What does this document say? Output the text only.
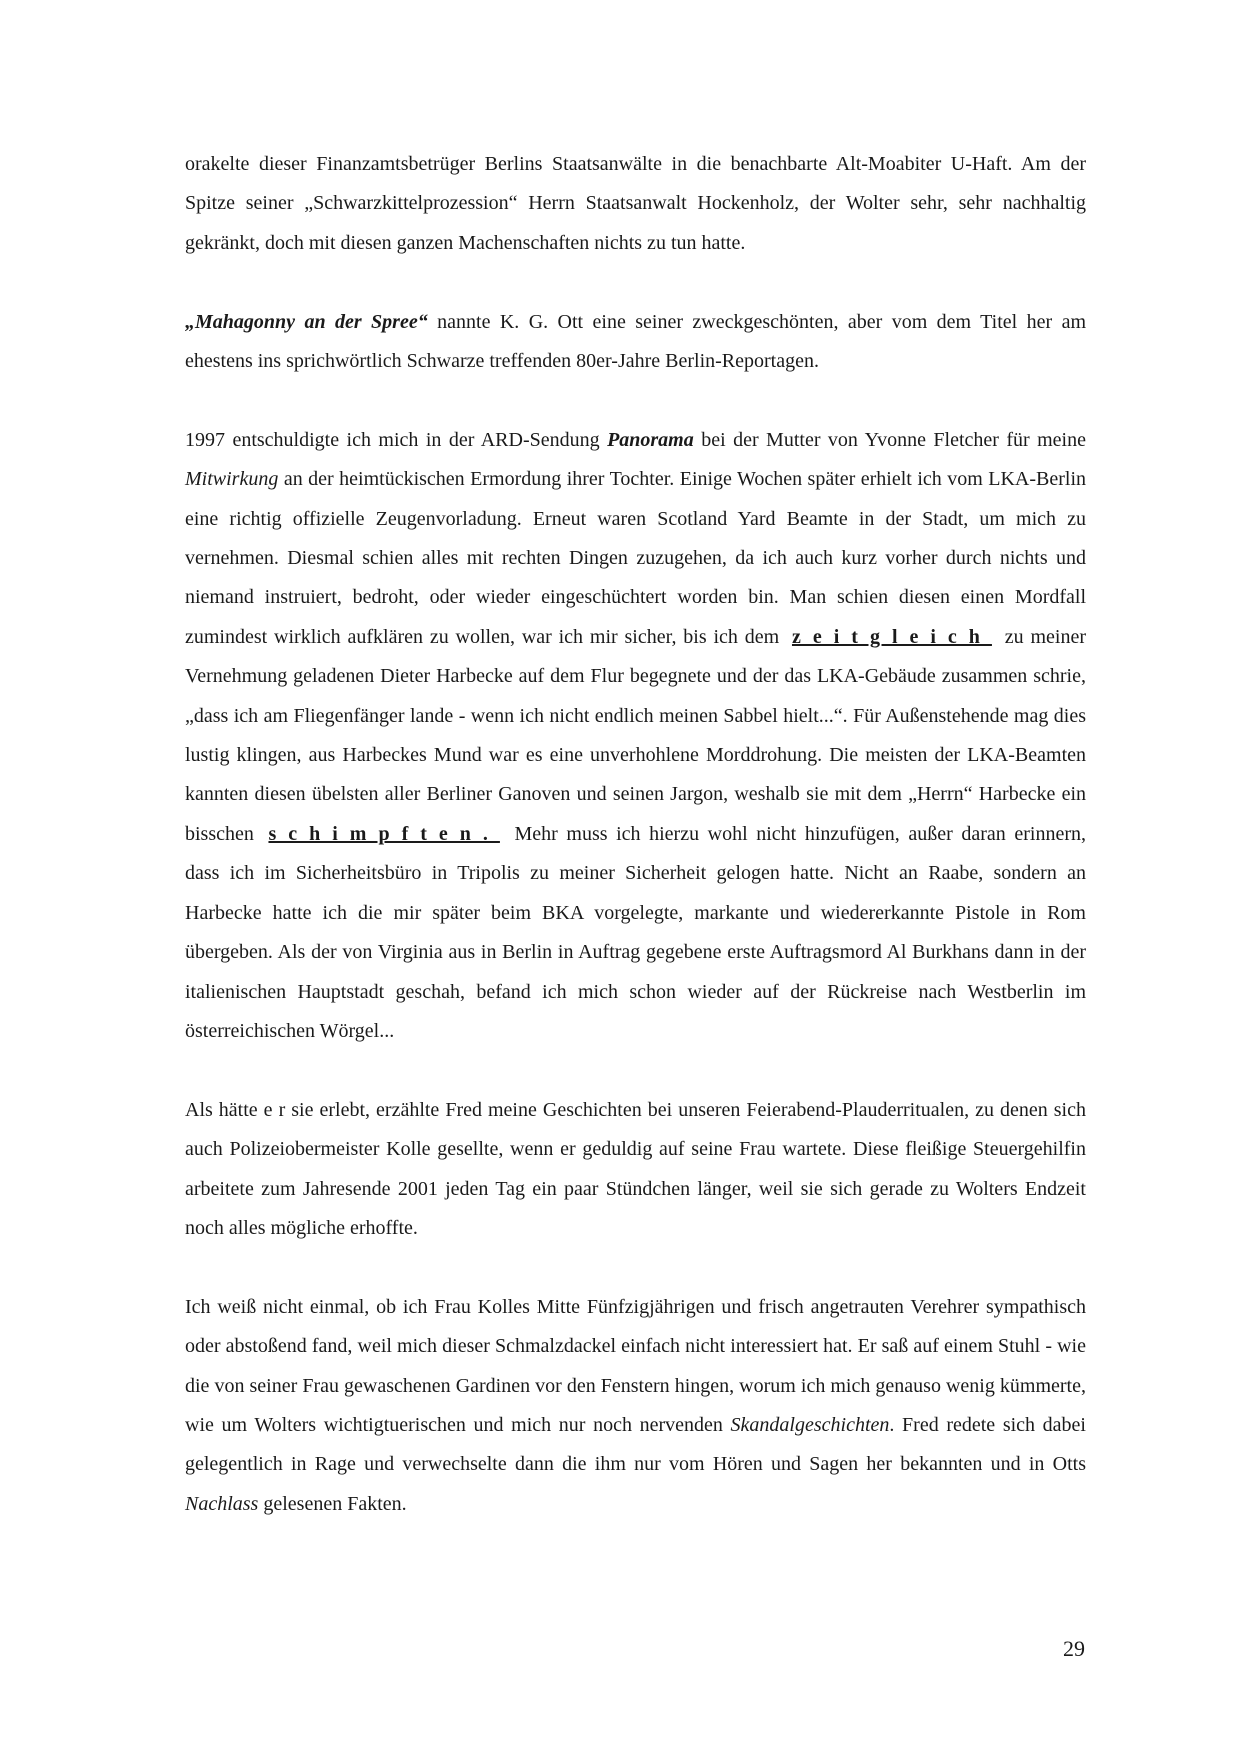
orakelte dieser Finanzamtsbetrüger Berlins Staatsanwälte in die benachbarte Alt-Moabiter U-Haft. Am der Spitze seiner „Schwarzkittelprozession“ Herrn Staatsanwalt Hockenholz, der Wolter sehr, sehr nachhaltig gekränkt, doch mit diesen ganzen Machenschaften nichts zu tun hatte.

„Mahagonny an der Spree“ nannte K. G. Ott eine seiner zweckgeschönten, aber vom dem Titel her am ehestens ins sprichwörtlich Schwarze treffenden 80er-Jahre Berlin-Reportagen.

1997 entschuldigte ich mich in der ARD-Sendung Panorama bei der Mutter von Yvonne Fletcher für meine Mitwirkung an der heimtückischen Ermordung ihrer Tochter. Einige Wochen später erhielt ich vom LKA-Berlin eine richtig offizielle Zeugenvorladung. Erneut waren Scotland Yard Beamte in der Stadt, um mich zu vernehmen. Diesmal schien alles mit rechten Dingen zuzugehen, da ich auch kurz vorher durch nichts und niemand instruiert, bedroht, oder wieder eingeschüchtert worden bin. Man schien diesen einen Mordfall zumindest wirklich aufklären zu wollen, war ich mir sicher, bis ich dem zeitgleich zu meiner Vernehmung geladenen Dieter Harbecke auf dem Flur begegnete und der das LKA-Gebäude zusammen schrie, „dass ich am Fliegenfänger lande - wenn ich nicht endlich meinen Sabbel hielt...“. Für Außenstehende mag dies lustig klingen, aus Harbeckes Mund war es eine unverhohlene Morddrohung. Die meisten der LKA-Beamten kannten diesen übelsten aller Berliner Ganoven und seinen Jargon, weshalb sie mit dem „Herrn“ Harbecke ein bisschen schimpften. Mehr muss ich hierzu wohl nicht hinzufügen, außer daran erinnern, dass ich im Sicherheitsbüro in Tripolis zu meiner Sicherheit gelogen hatte. Nicht an Raabe, sondern an Harbecke hatte ich die mir später beim BKA vorgelegte, markante und wiedererkannte Pistole in Rom übergeben. Als der von Virginia aus in Berlin in Auftrag gegebene erste Auftragsmord Al Burkhans dann in der italienischen Hauptstadt geschah, befand ich mich schon wieder auf der Rückreise nach Westberlin im österreichischen Wörgel...

Als hätte e r sie erlebt, erzählte Fred meine Geschichten bei unseren Feierabend-Plauderritualen, zu denen sich auch Polizeiobermeister Kolle gesellte, wenn er geduldig auf seine Frau wartete. Diese fleißige Steuergehilfin arbeitete zum Jahresende 2001 jeden Tag ein paar Stündchen länger, weil sie sich gerade zu Wolters Endzeit noch alles mögliche erhoffte.

Ich weiß nicht einmal, ob ich Frau Kolles Mitte Fünfzigjährigen und frisch angetrauten Verehrer sympathisch oder abstoßend fand, weil mich dieser Schmalzdackel einfach nicht interessiert hat. Er saß auf einem Stuhl - wie die von seiner Frau gewaschenen Gardinen vor den Fenstern hingen, worum ich mich genauso wenig kümmerte, wie um Wolters wichtigtuerischen und mich nur noch nervenden Skandalgeschichten. Fred redete sich dabei gelegentlich in Rage und verwechselte dann die ihm nur vom Hören und Sagen her bekannten und in Otts Nachlass gelesenen Fakten.

29
